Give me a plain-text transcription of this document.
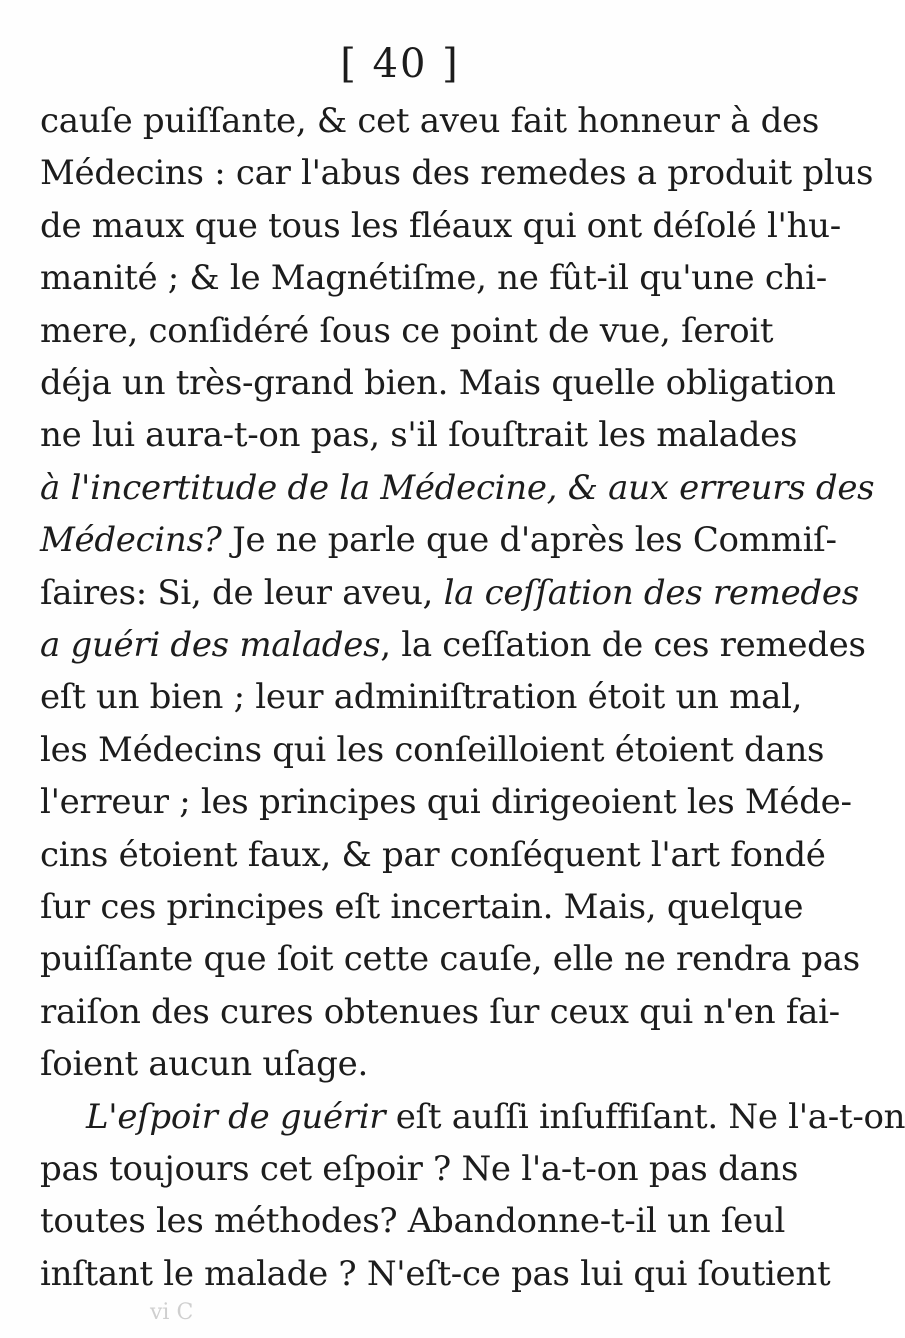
[ 40 ]
cauſe puiſſante, & cet aveu fait honneur à des
Médecins : car l'abus des remedes a produit plus
de maux que tous les fléaux qui ont déſolé l'hu-
manité ; & le Magnétiſme, ne fût-il qu'une chi-
mere, conſidéré ſous ce point de vue, ſeroit
déja un très-grand bien. Mais quelle obligation
ne lui aura-t-on pas, s'il ſouſtrait les malades
à l'incertitude de la Médecine, & aux erreurs des
Médecins? Je ne parle que d'après les Commiſ-
ſaires: Si, de leur aveu, la ceſſation des remedes
a guéri des malades, la ceſſation de ces remedes
eſt un bien ; leur adminiſtration étoit un mal,
les Médecins qui les conſeilloient étoient dans
l'erreur ; les principes qui dirigeoient les Méde-
cins étoient faux, & par conſéquent l'art fondé
ſur ces principes eſt incertain. Mais, quelque
puiſſante que ſoit cette cauſe, elle ne rendra pas
raiſon des cures obtenues ſur ceux qui n'en fai-
ſoient aucun uſage.
L'eſpoir de guérir eſt auſſi inſuffiſant. Ne l'a-t-on
pas toujours cet eſpoir ? Ne l'a-t-on pas dans
toutes les méthodes? Abandonne-t-il un ſeul
inſtant le malade ? N'eſt-ce pas lui qui ſoutient
vi C
